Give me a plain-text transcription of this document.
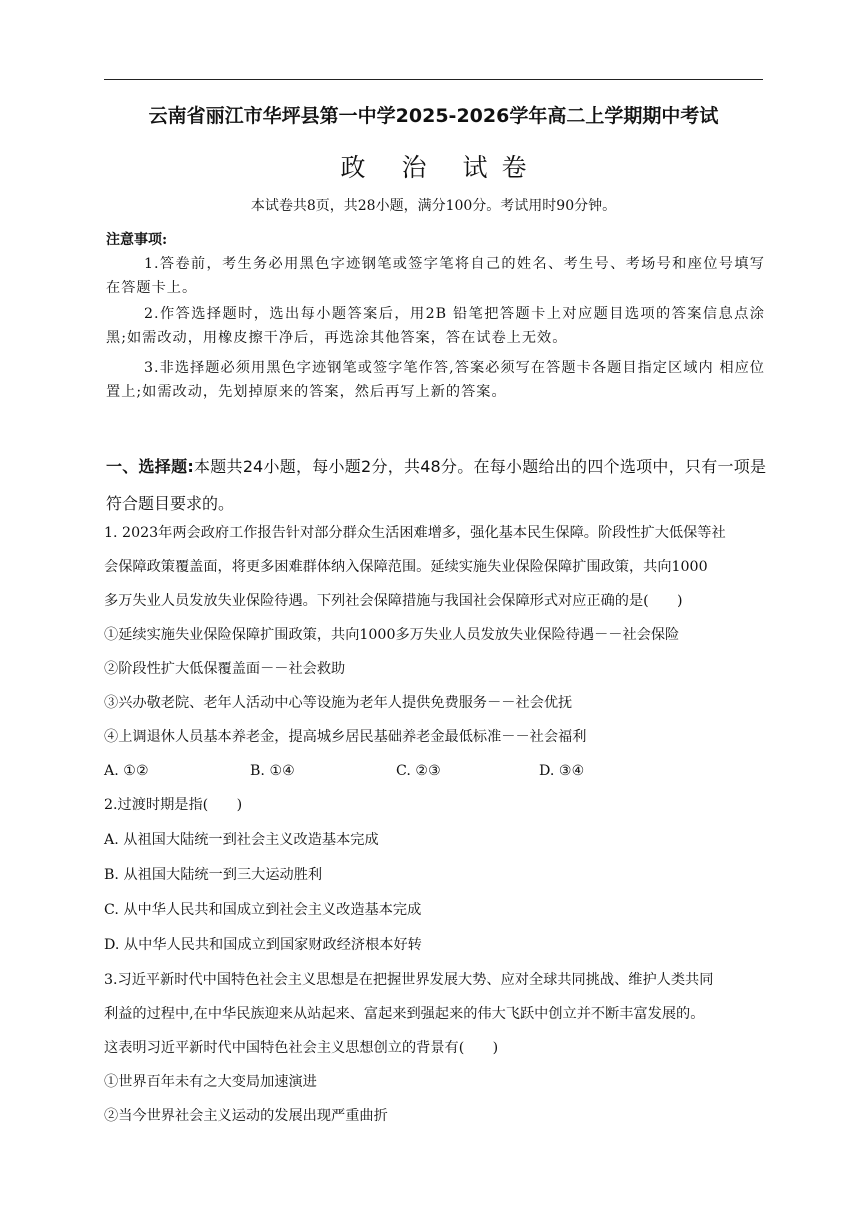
云南省丽江市华坪县第一中学2025-2026学年高二上学期期中考试
政 治 试卷
本试卷共8页，共28小题，满分100分。考试用时90分钟。
注意事项:
1.答卷前，考生务必用黑色字迹钢笔或签字笔将自己的姓名、考生号、考场号和座位号填写在答题卡上。
2.作答选择题时，选出每小题答案后，用2B 铅笔把答题卡上对应题目选项的答案信息点涂黑;如需改动，用橡皮擦干净后，再选涂其他答案，答在试卷上无效。
3.非选择题必须用黑色字迹钢笔或签字笔作答,答案必须写在答题卡各题目指定区域内 相应位置上;如需改动，先划掉原来的答案，然后再写上新的答案。
一、选择题:本题共24小题，每小题2分，共48分。在每小题给出的四个选项中，只有一项是符合题目要求的。
1. 2023年两会政府工作报告针对部分群众生活困难增多，强化基本民生保障。阶段性扩大低保等社
会保障政策覆盖面，将更多困难群体纳入保障范围。延续实施失业保险保障扩围政策，共向1000
多万失业人员发放失业保险待遇。下列社会保障措施与我国社会保障形式对应正确的是(　　)
①延续实施失业保险保障扩围政策，共向1000多万失业人员发放失业保险待遇－－社会保险
②阶段性扩大低保覆盖面－－社会救助
③兴办敬老院、老年人活动中心等设施为老年人提供免费服务－－社会优抚
④上调退休人员基本养老金，提高城乡居民基础养老金最低标准－－社会福利
A. ①②	B. ①④	C. ②③	D. ③④
2.过渡时期是指(　　)
A. 从祖国大陆统一到社会主义改造基本完成
B. 从祖国大陆统一到三大运动胜利
C. 从中华人民共和国成立到社会主义改造基本完成
D. 从中华人民共和国成立到国家财政经济根本好转
3.习近平新时代中国特色社会主义思想是在把握世界发展大势、应对全球共同挑战、维护人类共同
利益的过程中,在中华民族迎来从站起来、富起来到强起来的伟大飞跃中创立并不断丰富发展的。
这表明习近平新时代中国特色社会主义思想创立的背景有(　　)
①世界百年未有之大变局加速演进
②当今世界社会主义运动的发展出现严重曲折
